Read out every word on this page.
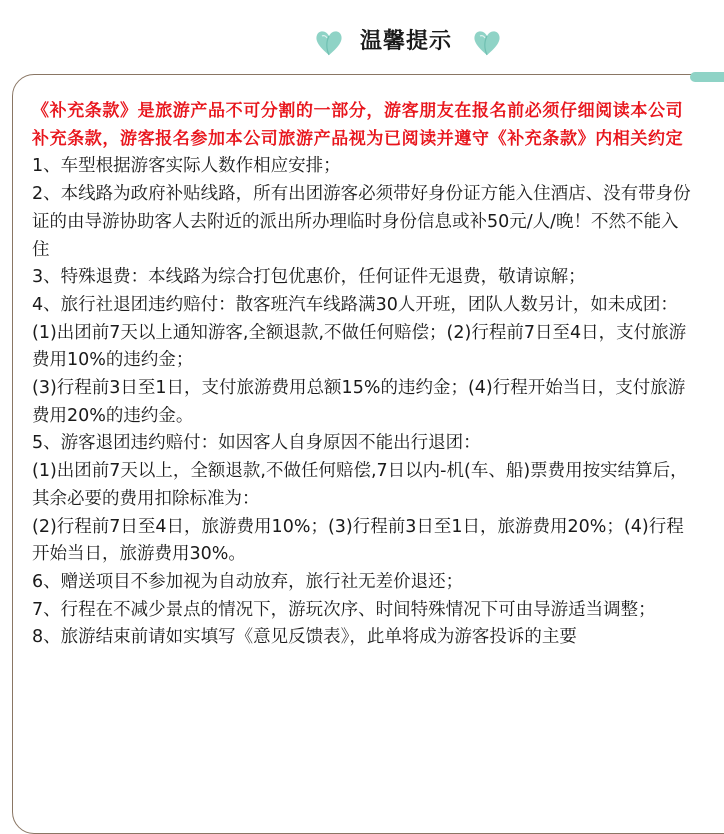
温馨提示

《补充条款》是旅游产品不可分割的一部分，游客朋友在报名前必须仔细阅读本公司补充条款，游客报名参加本公司旅游产品视为已阅读并遵守《补充条款》内相关约定

1、车型根据游客实际人数作相应安排；

2、本线路为政府补贴线路，所有出团游客必须带好身份证方能入住酒店、没有带身份证的由导游协助客人去附近的派出所办理临时身份信息或补50元/人/晚！不然不能入住

3、特殊退费：本线路为综合打包优惠价，任何证件无退费，敬请谅解；

4、旅行社退团违约赔付：散客班汽车线路满30人开班，团队人数另计，如未成团：

(1)出团前7天以上通知游客,全额退款,不做任何赔偿；(2)行程前7日至4日，支付旅游费用10%的违约金；

(3)行程前3日至1日，支付旅游费用总额15%的违约金；(4)行程开始当日，支付旅游费用20%的违约金。

5、游客退团违约赔付：如因客人自身原因不能出行退团：

(1)出团前7天以上，全额退款,不做任何赔偿,7日以内-机(车、船)票费用按实结算后，其余必要的费用扣除标准为：

(2)行程前7日至4日，旅游费用10%；(3)行程前3日至1日，旅游费用20%；(4)行程开始当日，旅游费用30%。

6、赠送项目不参加视为自动放弃，旅行社无差价退还；

7、行程在不减少景点的情况下，游玩次序、时间特殊情况下可由导游适当调整；

8、旅游结束前请如实填写《意见反馈表》，此单将成为游客投诉的主要
